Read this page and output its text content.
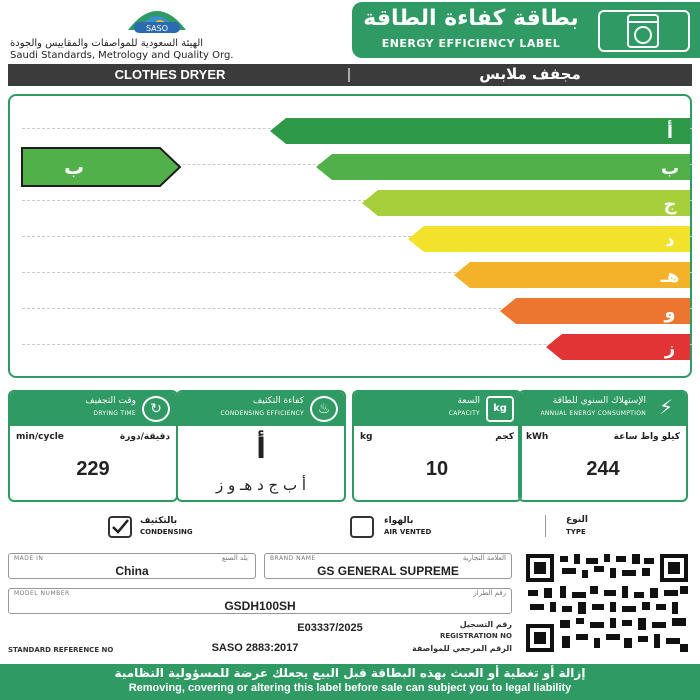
SASO
الهيئة السعودية للمواصفات والمقاييس والجودة
Saudi Standards, Metrology and Quality Org.
بطاقة كفاءة الطاقة
ENERGY EFFICIENCY LABEL
CLOTHES DRYER	مجفف ملابس
أ
ب
ج
د
هـ
و
ز
ب
↻
وقت التجفيف
DRYING TIME
min/cycle	دقيقة/دورة
229
♨
كفاءة التكثيف
CONDENSING EFFICIENCY
أ
أ ب ج د هـ و ز
kg
السعة
CAPACITY
kg	كجم
10
⚡
الإستهلاك السنوي للطاقة
ANNUAL ENERGY CONSUMPTION
kWh	كيلو واط ساعة
244
بالتكثيف
CONDENSING
بالهواء
AIR VENTED
النوع
TYPE
MADE IN	بلد الصنع
China
BRAND NAME	العلامة التجارية
GS GENERAL SUPREME
MODEL NUMBER	رقم الطراز
GSDH100SH
E03337/2025	رقم التسجيل
REGISTRATION NO
STANDARD REFERENCE NO	SASO 2883:2017	الرقم المرجعي للمواصفة
إزالة أو تغطية أو العبث بهذه البطاقة قبل البيع يجعلك عرضة للمسؤولية النظامية
Removing, covering or altering this label before sale can subject you to legal liability
